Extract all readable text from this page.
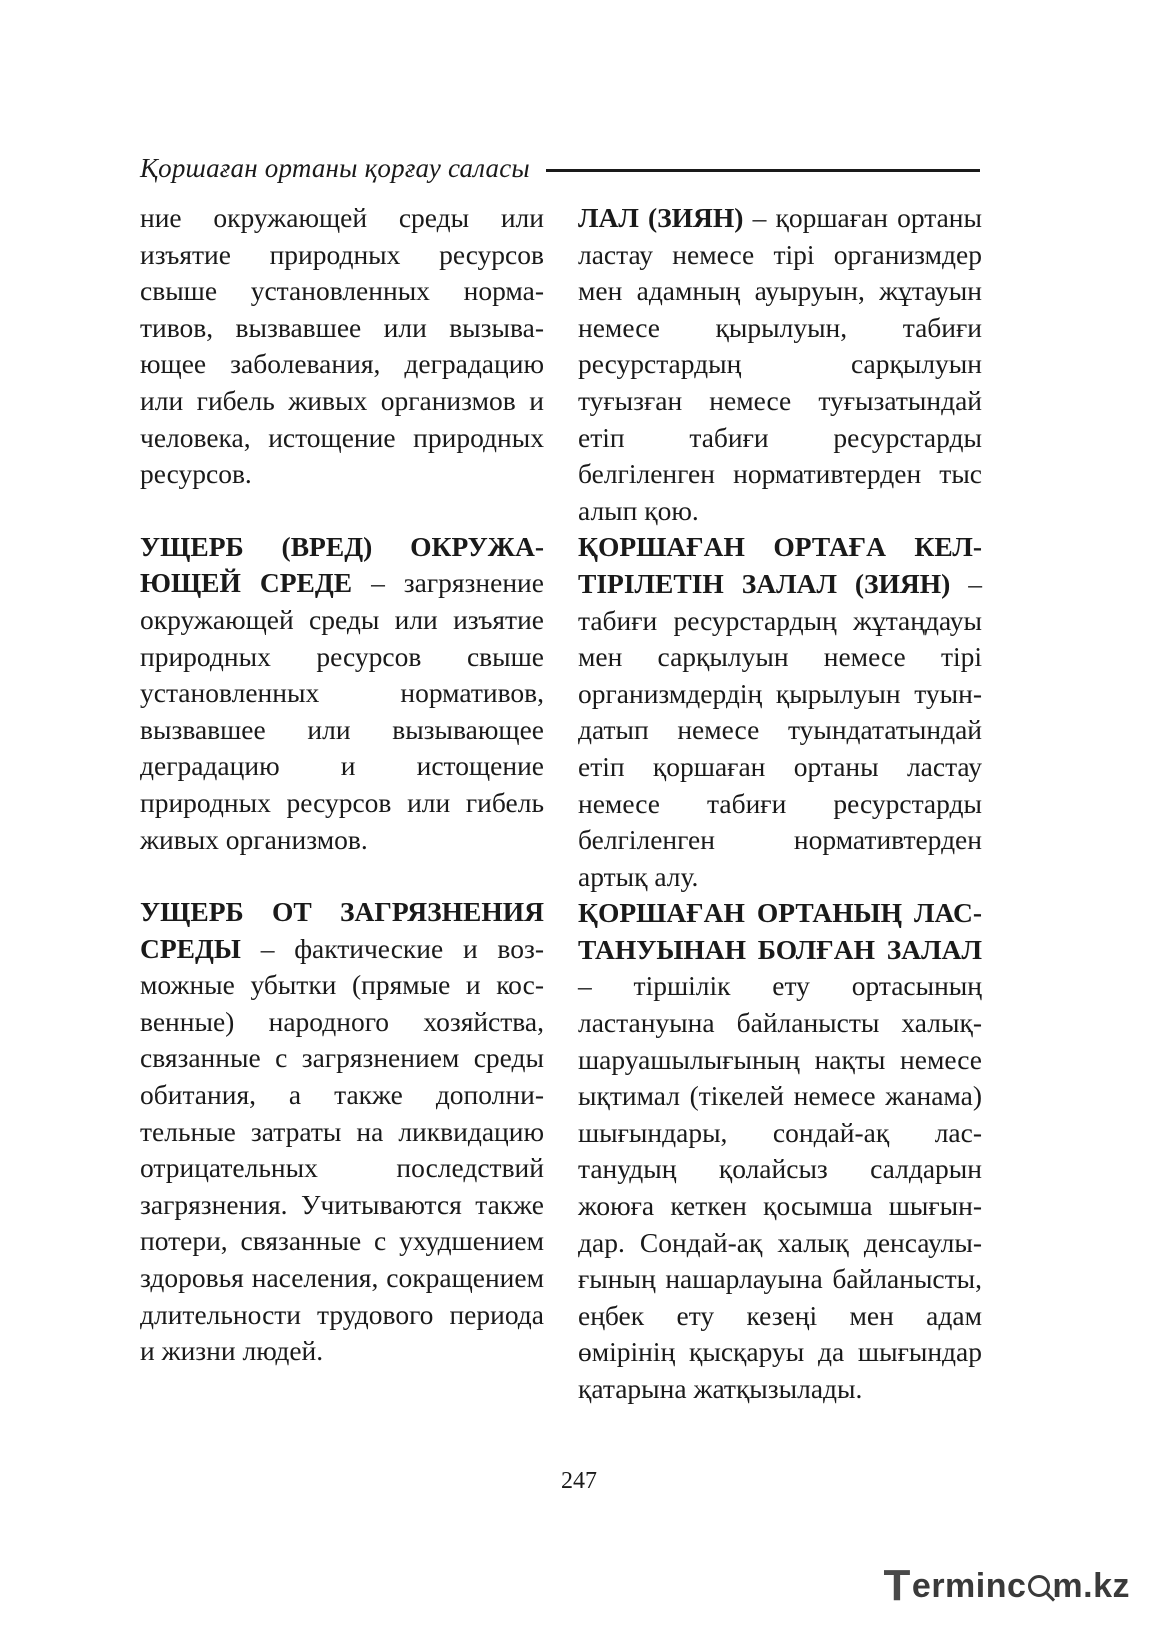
Қоршаған ортаны қорғау саласы

ние окружающей среды или изъятие природных ресурсов свыше установленных нормативов, вызвавшее или вызывающее заболевания, деградацию или гибель живых организмов и человека, истощение природных ресурсов.

УЩЕРБ (ВРЕД) ОКРУЖАЮЩЕЙ СРЕДЕ – загрязнение окружающей среды или изъятие природных ресурсов свыше установленных нормативов, вызвавшее или вызывающее деградацию и истощение природных ресурсов или гибель живых организмов.

УЩЕРБ ОТ ЗАГРЯЗНЕНИЯ СРЕДЫ – фактические и возможные убытки (прямые и косвенные) народного хозяйства, связанные с загрязнением среды обитания, а также дополнительные затраты на ликвидацию отрицательных последствий загрязнения. Учитываются также потери, связанные с ухудшением здоровья населения, сокращением длительности трудового периода и жизни людей.

ЛАЛ (ЗИЯН) – қоршаған ортаны ластау немесе тірі организмдер мен адамның ауыруын, жұтауын немесе қырылуын, табиғи ресурстардың сарқылуын туғызған немесе туғызатындай етіп табиғи ресурстарды белгіленген нормативтерден тыс алып қою.

ҚОРШАҒАН ОРТАҒА КЕЛТІРІЛЕТІН ЗАЛАЛ (ЗИЯН) – табиғи ресурстардың жұтаңдауы мен сарқылуын немесе тірі организмдердің қырылуын туындатып немесе туындататындай етіп қоршаған ортаны ластау немесе табиғи ресурстарды белгіленген нормативтерден артық алу.

ҚОРШАҒАН ОРТАНЫҢ ЛАСТАНУЫНАН БОЛҒАН ЗАЛАЛ – тіршілік ету ортасының ластануына байланысты халықшаруашылығының нақты немесе ықтимал (тікелей немесе жанама) шығындары, сондай-ақ ластанудың қолайсыз салдарын жоюға кеткен қосымша шығындар. Сондай-ақ халық денсаулығының нашарлауына байланысты, еңбек ету кезеңі мен адам өмірінің қысқаруы да шығындар қатарына жатқызылады.

247
T erminc m.kz
